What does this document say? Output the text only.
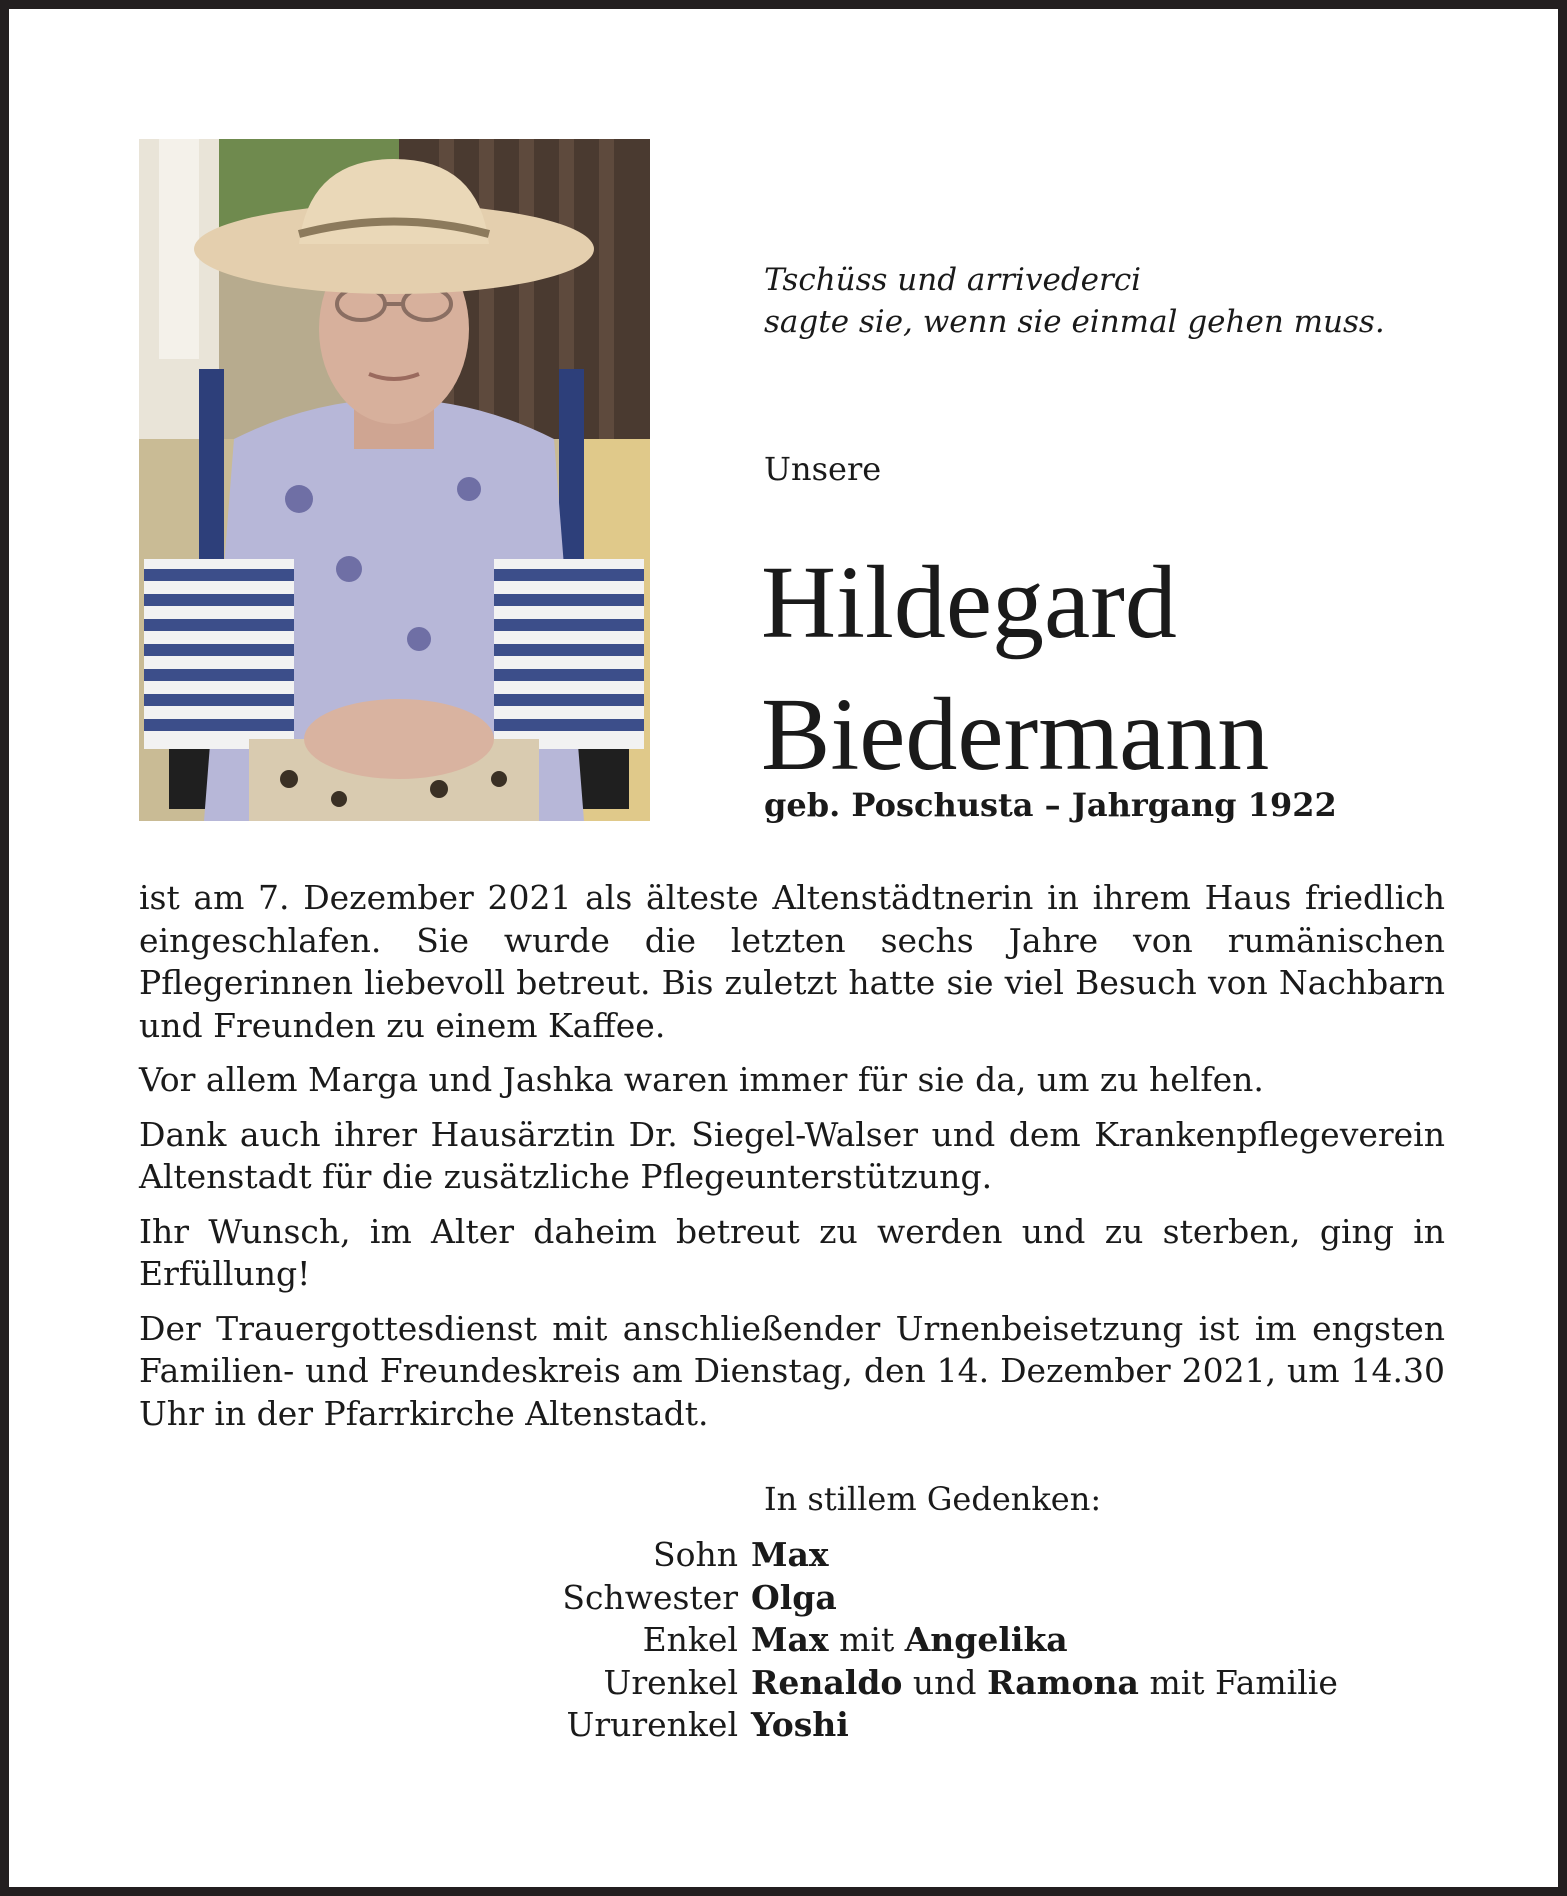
Tschüss und arrivederci
sagte sie, wenn sie einmal gehen muss.
Unsere
Hildegard
Biedermann
geb. Poschusta – Jahrgang 1922

ist am 7. Dezember 2021 als älteste Altenstädtnerin in ihrem Haus friedlich eingeschlafen. Sie wurde die letzten sechs Jahre von rumänischen Pflegerinnen liebevoll betreut. Bis zuletzt hatte sie viel Besuch von Nachbarn und Freunden zu einem Kaffee.

Vor allem Marga und Jashka waren immer für sie da, um zu helfen.

Dank auch ihrer Hausärztin Dr. Siegel-Walser und dem Krankenpflegeverein Altenstadt für die zusätzliche Pflegeunterstützung.

Ihr Wunsch, im Alter daheim betreut zu werden und zu sterben, ging in Erfüllung!

Der Trauergottesdienst mit anschließender Urnenbeisetzung ist im engsten Familien- und Freundeskreis am Dienstag, den 14. Dezember 2021, um 14.30 Uhr in der Pfarrkirche Altenstadt.

In stillem Gedenken:
Sohn Max
Schwester Olga
Enkel Max mit Angelika
Urenkel Renaldo und Ramona mit Familie
Ururenkel Yoshi
